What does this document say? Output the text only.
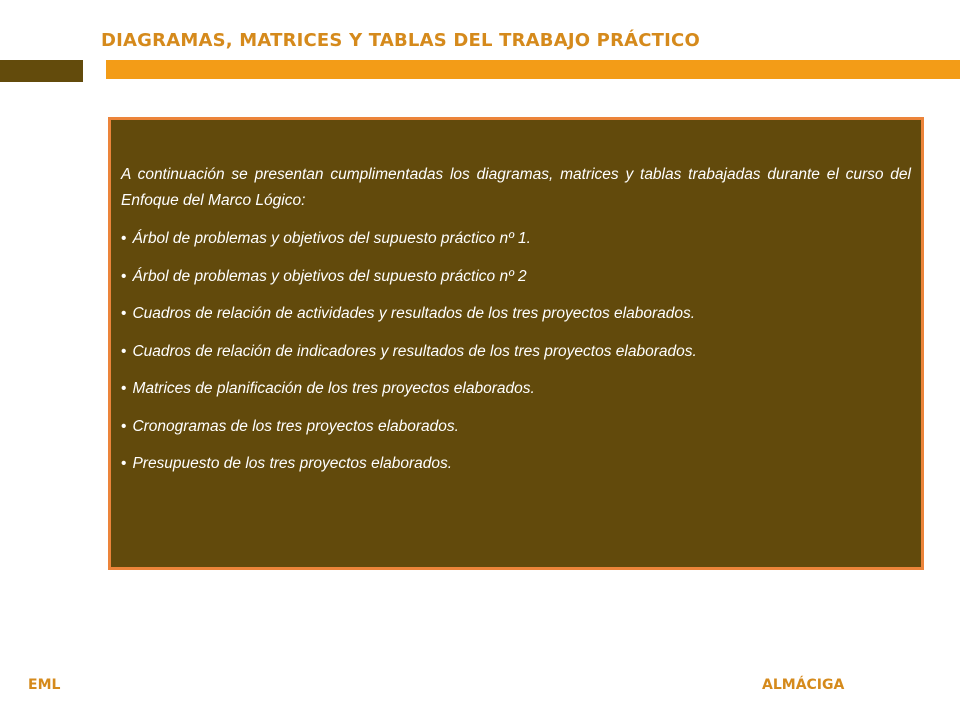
DIAGRAMAS, MATRICES Y TABLAS DEL TRABAJO PRÁCTICO

A continuación se presentan cumplimentadas los diagramas, matrices y tablas trabajadas durante el curso del Enfoque del Marco Lógico:

• Árbol de problemas y objetivos del supuesto práctico nº 1.
• Árbol de problemas y objetivos del supuesto práctico nº 2
• Cuadros de relación de actividades y resultados de los tres proyectos elaborados.
• Cuadros de relación de indicadores y resultados de los tres proyectos elaborados.
• Matrices de planificación de los tres proyectos elaborados.
• Cronogramas de los tres proyectos elaborados.
• Presupuesto de los tres proyectos elaborados.
EML	ALMÁCIGA
